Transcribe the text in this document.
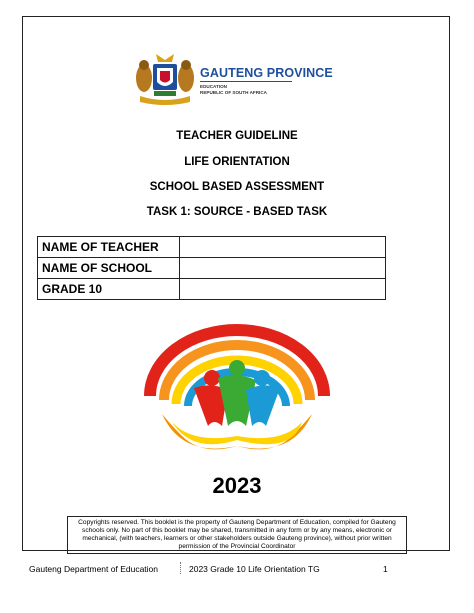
GAUTENG PROVINCE
EDUCATION
REPUBLIC OF SOUTH AFRICA
TEACHER GUIDELINE
LIFE ORIENTATION
SCHOOL BASED ASSESSMENT
TASK 1: SOURCE - BASED TASK
NAME OF TEACHER	
NAME OF SCHOOL	
GRADE 10	
2023
Copyrights reserved. This booklet is the property of Gauteng Department of Education, compiled for Gauteng schools only. No part of this booklet may be shared, transmitted in any form or by any means, electronic or mechanical, (with teachers, learners or other stakeholders outside Gauteng province), without prior written permission of the Provincial Coordinator
Gauteng Department of Education	2023 Grade 10 Life Orientation TG	1
